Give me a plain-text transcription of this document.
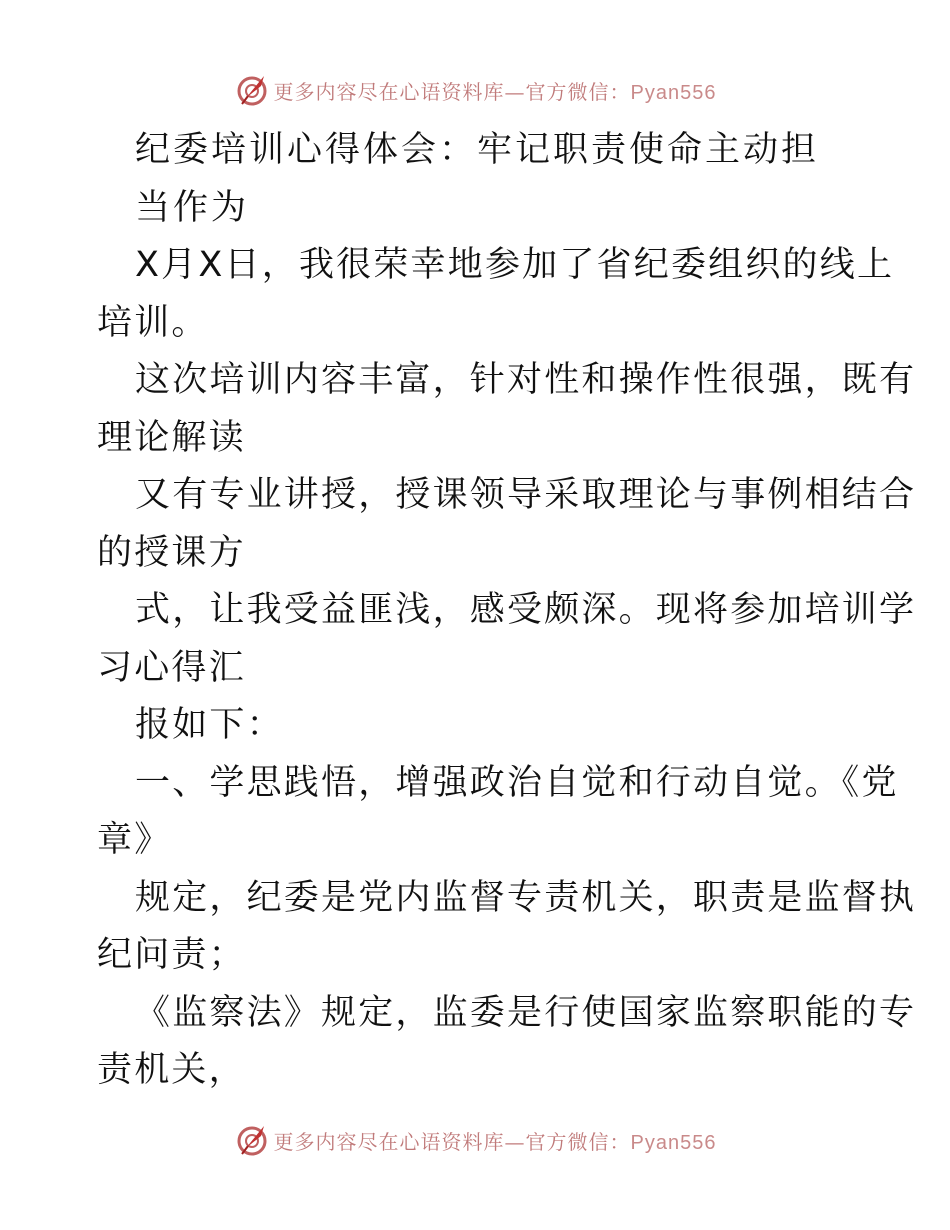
更多内容尽在心语资料库—官方微信：Pyan556
纪委培训心得体会：牢记职责使命主动担
当作为
X月X日，我很荣幸地参加了省纪委组织的线上
培训。
这次培训内容丰富，针对性和操作性很强，既有
理论解读
又有专业讲授，授课领导采取理论与事例相结合
的授课方
式，让我受益匪浅，感受颇深。现将参加培训学
习心得汇
报如下：
一、学思践悟，增强政治自觉和行动自觉。《党
章》
规定，纪委是党内监督专责机关，职责是监督执
纪问责；
《监察法》规定，监委是行使国家监察职能的专
责机关，
更多内容尽在心语资料库—官方微信：Pyan556
